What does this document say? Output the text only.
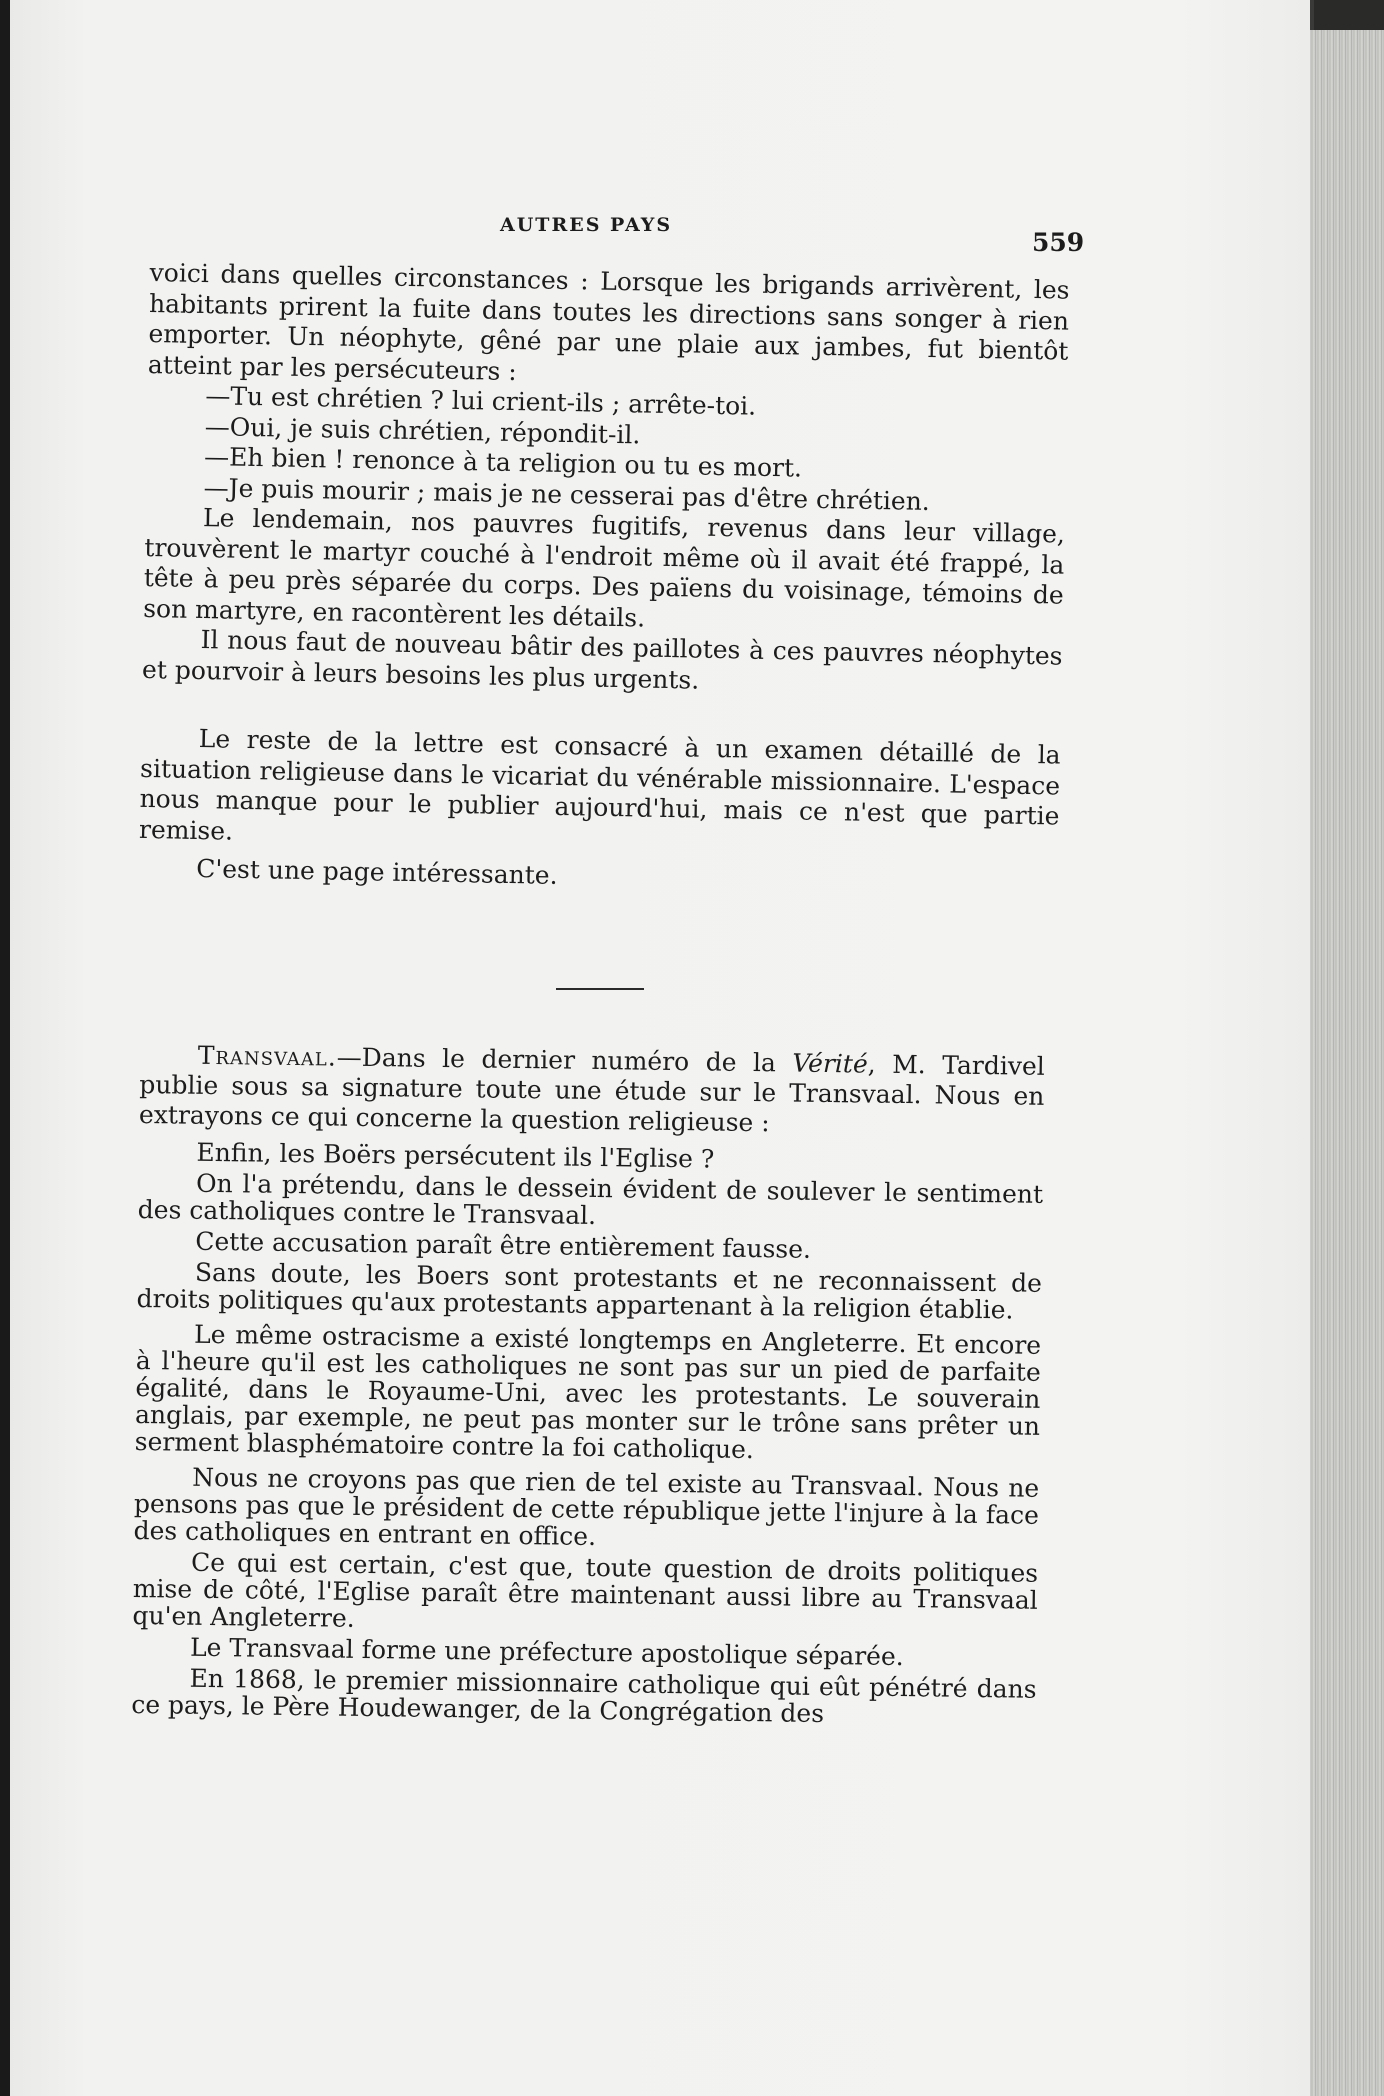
AUTRES PAYS
559

voici dans quelles circonstances : Lorsque les brigands arrivèrent, les habitants prirent la fuite dans toutes les directions sans songer à rien emporter. Un néophyte, gêné par une plaie aux jambes, fut bientôt atteint par les persécuteurs :

—Tu est chrétien ? lui crient-ils ; arrête-toi.

—Oui, je suis chrétien, répondit-il.

—Eh bien ! renonce à ta religion ou tu es mort.

—Je puis mourir ; mais je ne cesserai pas d'être chrétien.

Le lendemain, nos pauvres fugitifs, revenus dans leur village, trouvèrent le martyr couché à l'endroit même où il avait été frappé, la tête à peu près séparée du corps. Des païens du voisinage, témoins de son martyre, en racontèrent les détails.

Il nous faut de nouveau bâtir des paillotes à ces pauvres néophytes et pourvoir à leurs besoins les plus urgents.

Le reste de la lettre est consacré à un examen détaillé de la situation religieuse dans le vicariat du vénérable missionnaire. L'espace nous manque pour le publier aujourd'hui, mais ce n'est que partie remise.

C'est une page intéressante.

Transvaal.—Dans le dernier numéro de la Vérité, M. Tardivel publie sous sa signature toute une étude sur le Transvaal. Nous en extrayons ce qui concerne la question religieuse :

Enfin, les Boërs persécutent ils l'Eglise ?

On l'a prétendu, dans le dessein évident de soulever le sentiment des catholiques contre le Transvaal.

Cette accusation paraît être entièrement fausse.

Sans doute, les Boers sont protestants et ne reconnaissent de droits politiques qu'aux protestants appartenant à la religion établie.

Le même ostracisme a existé longtemps en Angleterre. Et encore à l'heure qu'il est les catholiques ne sont pas sur un pied de parfaite égalité, dans le Royaume-Uni, avec les protestants. Le souverain anglais, par exemple, ne peut pas monter sur le trône sans prêter un serment blasphématoire contre la foi catholique.

Nous ne croyons pas que rien de tel existe au Transvaal. Nous ne pensons pas que le président de cette république jette l'injure à la face des catholiques en entrant en office.

Ce qui est certain, c'est que, toute question de droits politiques mise de côté, l'Eglise paraît être maintenant aussi libre au Transvaal qu'en Angleterre.

Le Transvaal forme une préfecture apostolique séparée.

En 1868, le premier missionnaire catholique qui eût pénétré dans ce pays, le Père Houdewanger, de la Congrégation des
